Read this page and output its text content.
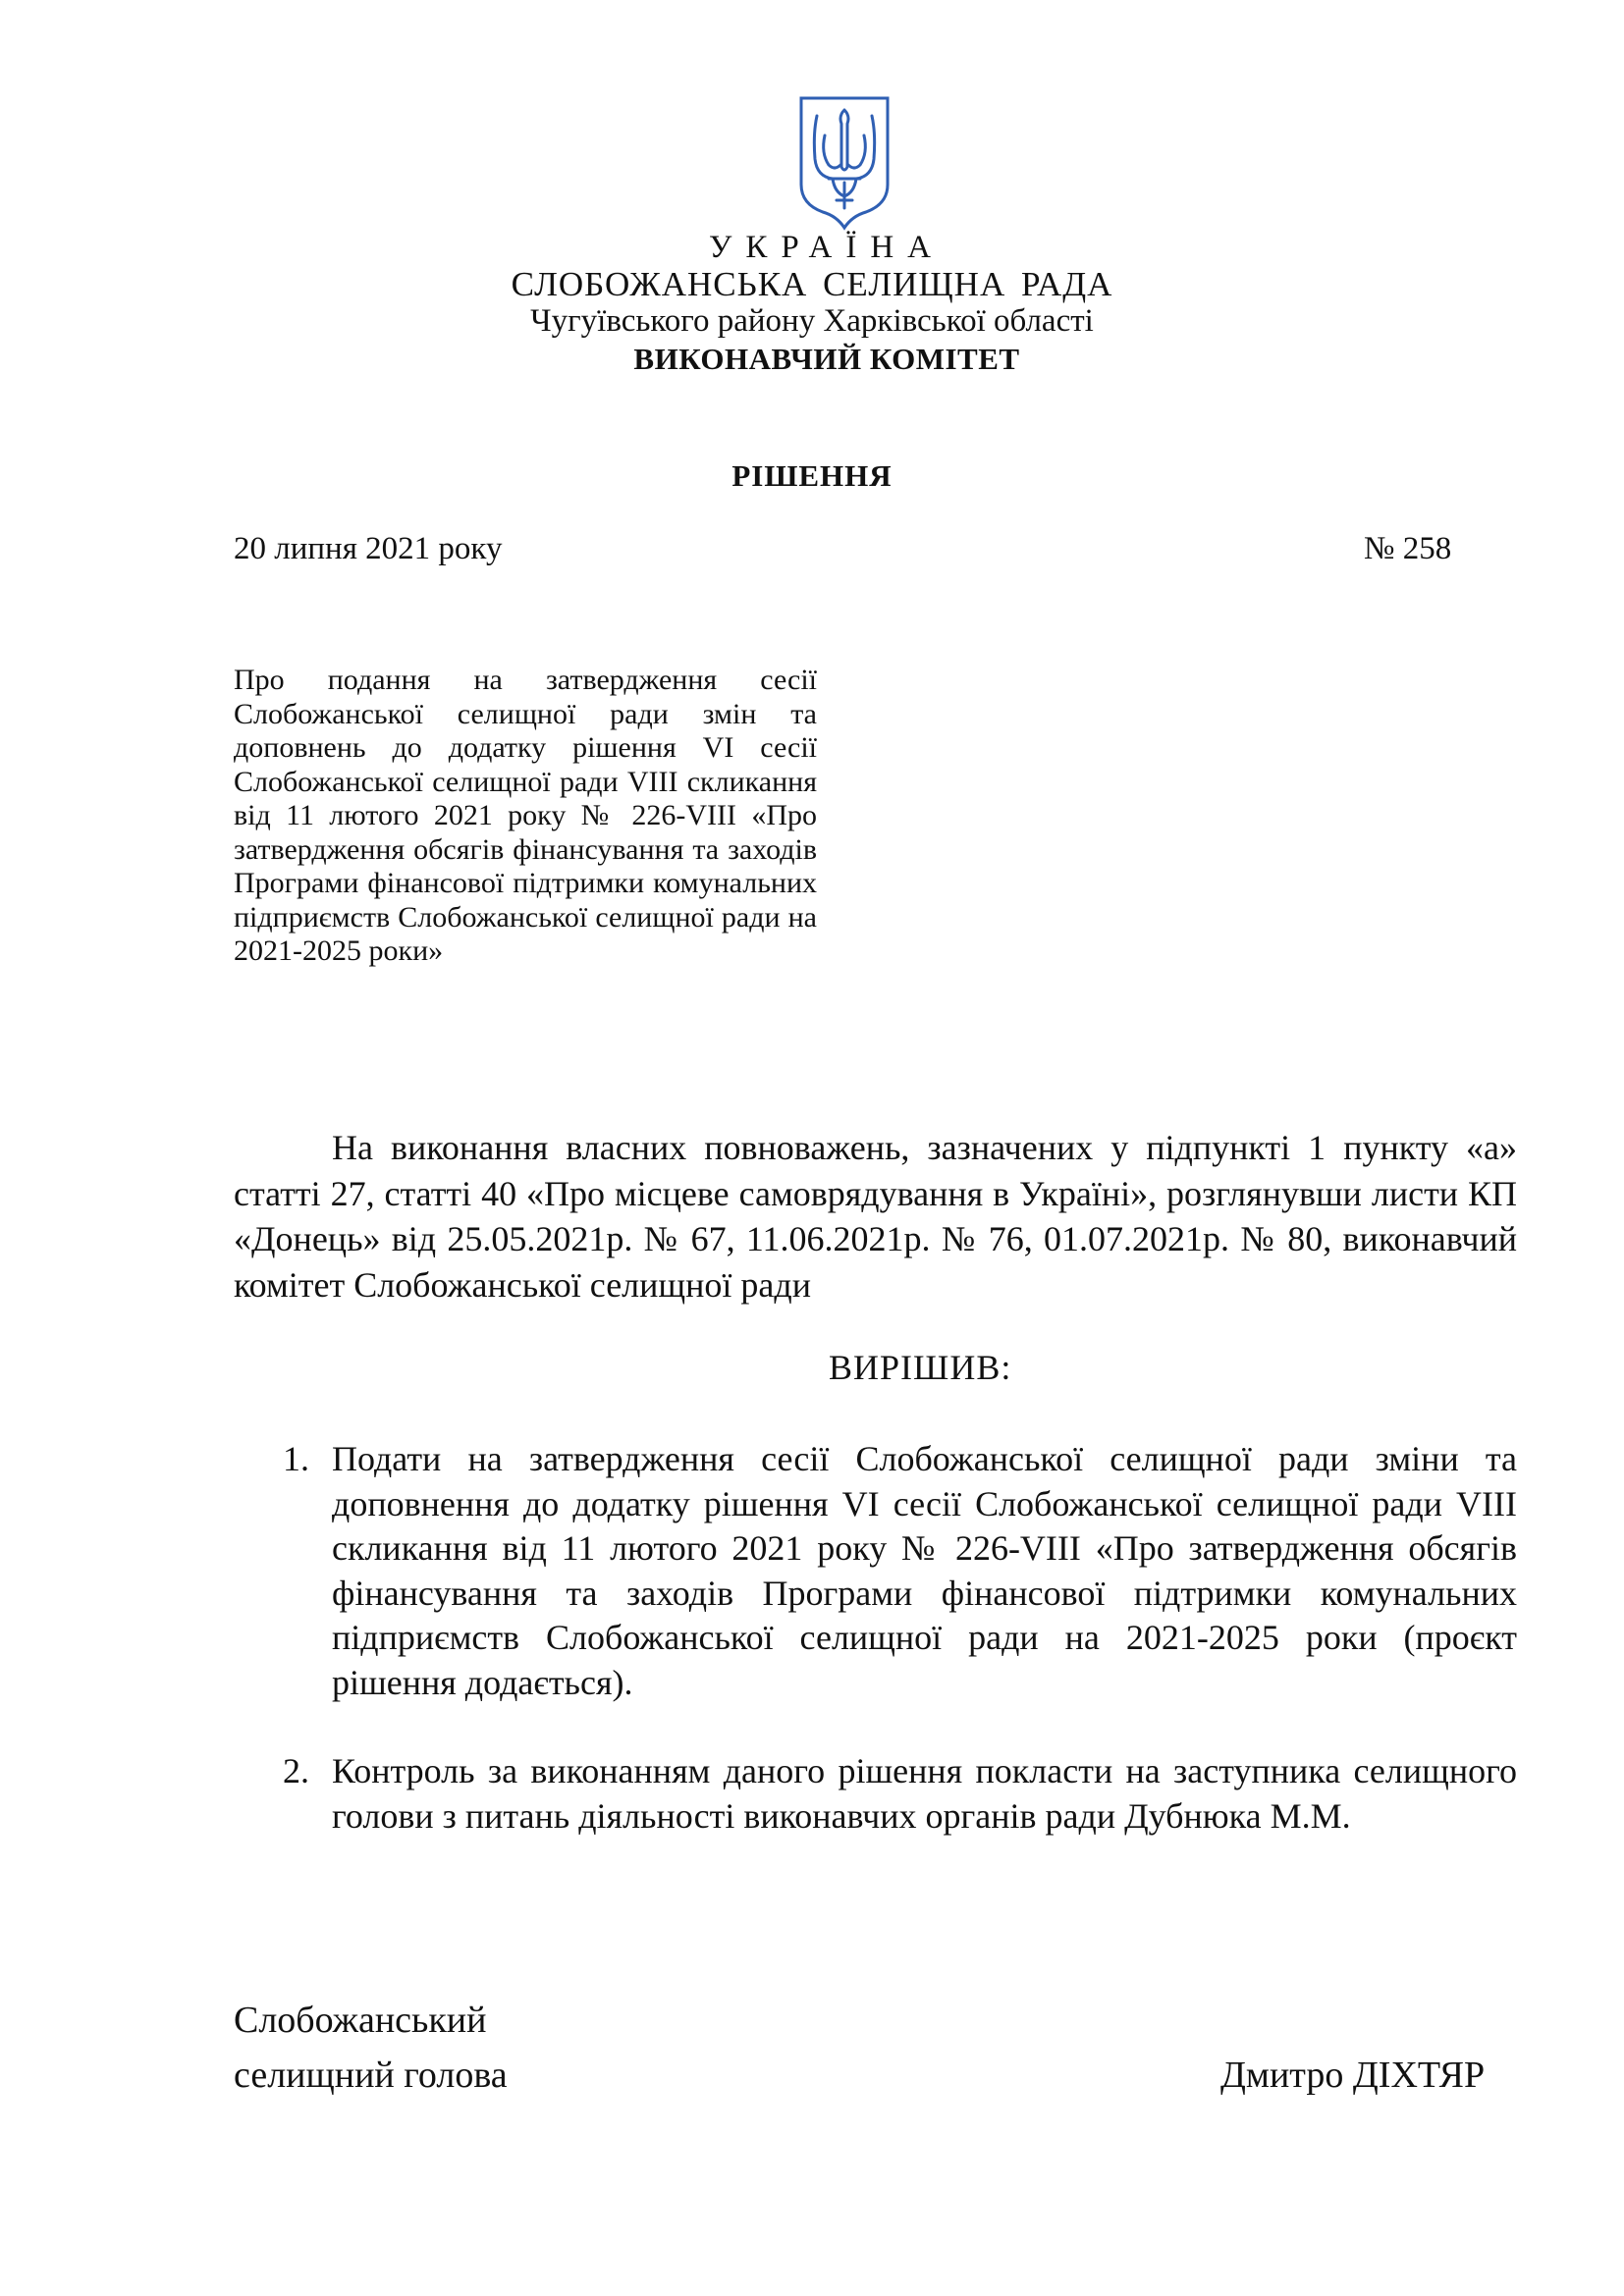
УКРАЇНА
СЛОБОЖАНСЬКА СЕЛИЩНА РАДА
Чугуївського району Харківської області
ВИКОНАВЧИЙ КОМІТЕТ
РІШЕННЯ
20 липня 2021 року	№ 258
Про подання на затвердження сесії Слобожанської селищної ради змін та доповнень до додатку рішення VІ сесії Слобожанської селищної ради VIII скликання від 11 лютого 2021 року № 226-VIII «Про затвердження обсягів фінансування та заходів Програми фінансової підтримки комунальних підприємств Слобожанської селищної ради на 2021-2025 роки»
На виконання власних повноважень, зазначених у підпункті 1 пункту «а» статті 27, статті 40 «Про місцеве самоврядування в Україні», розглянувши листи КП «Донець» від 25.05.2021р. № 67, 11.06.2021р. № 76, 01.07.2021р. № 80, виконавчий комітет Слобожанської селищної ради
ВИРІШИВ:
1. Подати на затвердження сесії Слобожанської селищної ради зміни та доповнення до додатку рішення VІ сесії Слобожанської селищної ради VIII скликання від 11 лютого 2021 року № 226-VIII «Про затвердження обсягів фінансування та заходів Програми фінансової підтримки комунальних підприємств Слобожанської селищної ради на 2021-2025 роки (проєкт рішення додається).
2. Контроль за виконанням даного рішення покласти на заступника селищного голови з питань діяльності виконавчих органів ради Дубнюка М.М.
Слобожанський
селищний голова	Дмитро ДІХТЯР
